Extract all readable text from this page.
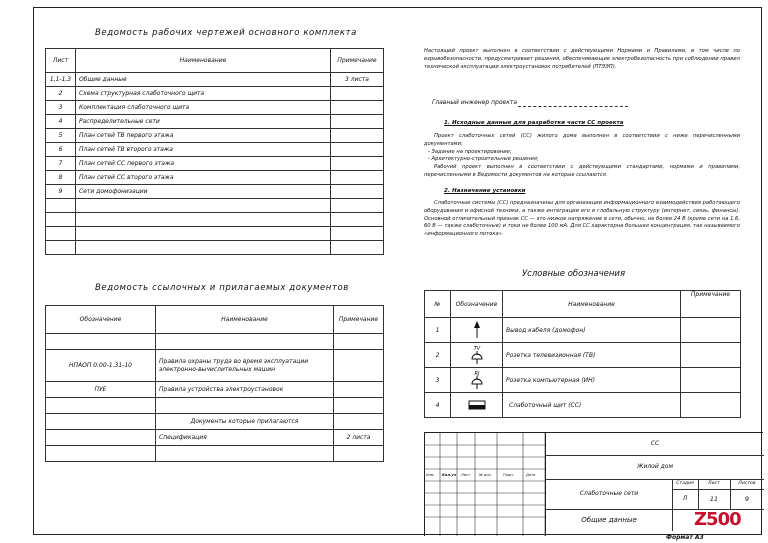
Ведомость рабочих чертежей основного комплекта
Лист	Наименование	Примечание
1,1-1,3	Общие данные	3 листа
2	Схема структурная слаботочного щита	
3	Комплектация слаботочного щита	
4	Распределительные сети	
5	План сетей ТВ первого этажа	
6	План сетей ТВ второго этажа	
7	План сетей СС первого этажа	
8	План сетей СС второго этажа	
9	Сети домофонизации	

Ведомость ссылочных и прилагаемых документов
Обозначение	Наименование	Примечание

НПАОП 0.00-1.31-10	Правила охраны труда во время эксплуатации электронно-вычислительных машин	
ПУЕ	Правила устройства электроустановок	

	Документы которые прилагаются	
	Спецификация	2 листа

Настоящий проект выполнен в соответствии с действующими Нормами и Правилами, в том числе по взрывобезопасности, предусматривает решения, обеспечивающие электробезопасность при соблюдении правил технической эксплуатации электроустановок потребителей (ПТЭЭП).
Главный инженер проекта
1. Исходные данные для разработки части СС проекта
Проект слаботочных сетей (СС) жилого дома выполнен в соответствии с ниже перечисленными документами:
- Задание на проектирование;
- Архитектурно-строительные решения;
Рабочий проект выполнен в соответствии с действующими стандартами, нормами и правилами, перечисленными в Ведомости документов на которые ссылаются.
2. Назначение установки
Слаботочные системы (СС) предназначены для организации информационного взаимодействия работающего оборудования и офисной техники, а также интеграции его в глобальную структуру (интернет, связь, финансы). Основной отличительный признак СС — это низкое напряжение в сети, обычно, не более 24 В (кроме сети на 1,6, 60 В — также слаботочные) и токи не более 100 мА. Для СС характерна большая концентрация, так называемого «информационного потока».
Условные обозначения
№	Обозначение	Наименование	Примечание
1		Вывод кабеля (домофон)	
2	TV	Розетка телевизионная (ТВ)	
3	RJ	Розетка компьютерная (ИН)	
4		Слаботочный щит (СС)	
Изм. Кол.уч Лист № док.	Подп.	Дата
СС
Жилой дом
Слаботочные сети
Стадия	Лист	Листов
Л	11	9
Общие данные	Z500
Формат А3
